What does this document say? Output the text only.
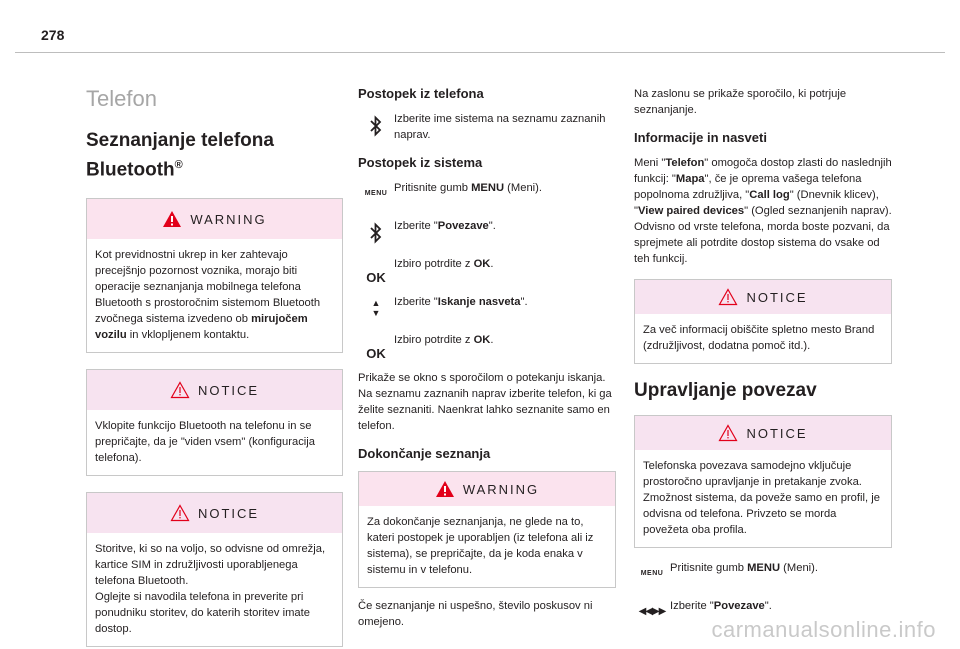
278
Telefon
Seznanjanje telefona Bluetooth®
WARNING
Kot previdnostni ukrep in ker zahtevajo precejšnjo pozornost voznika, morajo biti operacije seznanjanja mobilnega telefona Bluetooth s prostoročnim sistemom Bluetooth zvočnega sistema izvedeno ob mirujočem vozilu in vklopljenem kontaktu.
NOTICE
Vklopite funkcijo Bluetooth na telefonu in se prepričajte, da je "viden vsem" (konfiguracija telefona).
NOTICE
Storitve, ki so na voljo, so odvisne od omrežja, kartice SIM in združljivosti uporabljenega telefona Bluetooth.
Oglejte si navodila telefona in preverite pri ponudniku storitev, do katerih storitev imate dostop.
Postopek iz telefona
Izberite ime sistema na seznamu zaznanih naprav.
Postopek iz sistema
MENU Pritisnite gumb MENU (Meni).
Izberite "Povezave".
OK
Izbiro potrdite z OK.
▲
▼
Izberite "Iskanje nasveta".
OK
Izbiro potrdite z OK.

Prikaže se okno s sporočilom o potekanju iskanja.

Na seznamu zaznanih naprav izberite telefon, ki ga želite seznaniti. Naenkrat lahko seznanite samo en telefon.

Dokončanje seznanja
WARNING
Za dokončanje seznanjanja, ne glede na to, kateri postopek je uporabljen (iz telefona ali iz sistema), se prepričajte, da je koda enaka v sistemu in v telefonu.

Če seznanjanje ni uspešno, število poskusov ni omejeno.

Na zaslonu se prikaže sporočilo, ki potrjuje seznanjanje.

Informacije in nasveti

Meni "Telefon" omogoča dostop zlasti do naslednjih funkcij: "Mapa", če je oprema vašega telefona popolnoma združljiva, "Call log" (Dnevnik klicev), "View paired devices" (Ogled seznanjenih naprav).

Odvisno od vrste telefona, morda boste pozvani, da sprejmete ali potrdite dostop sistema do vsake od teh funkcij.

NOTICE
Za več informacij obiščite spletno mesto Brand (združljivost, dodatna pomoč itd.).
Upravljanje povezav
NOTICE
Telefonska povezava samodejno vključuje prostoročno upravljanje in pretakanje zvoka. Zmožnost sistema, da poveže samo en profil, je odvisna od telefona. Privzeto se morda povežeta oba profila.
MENU Pritisnite gumb MENU (Meni).
◀◀▶▶ Izberite "Povezave".
carmanualsonline.info
